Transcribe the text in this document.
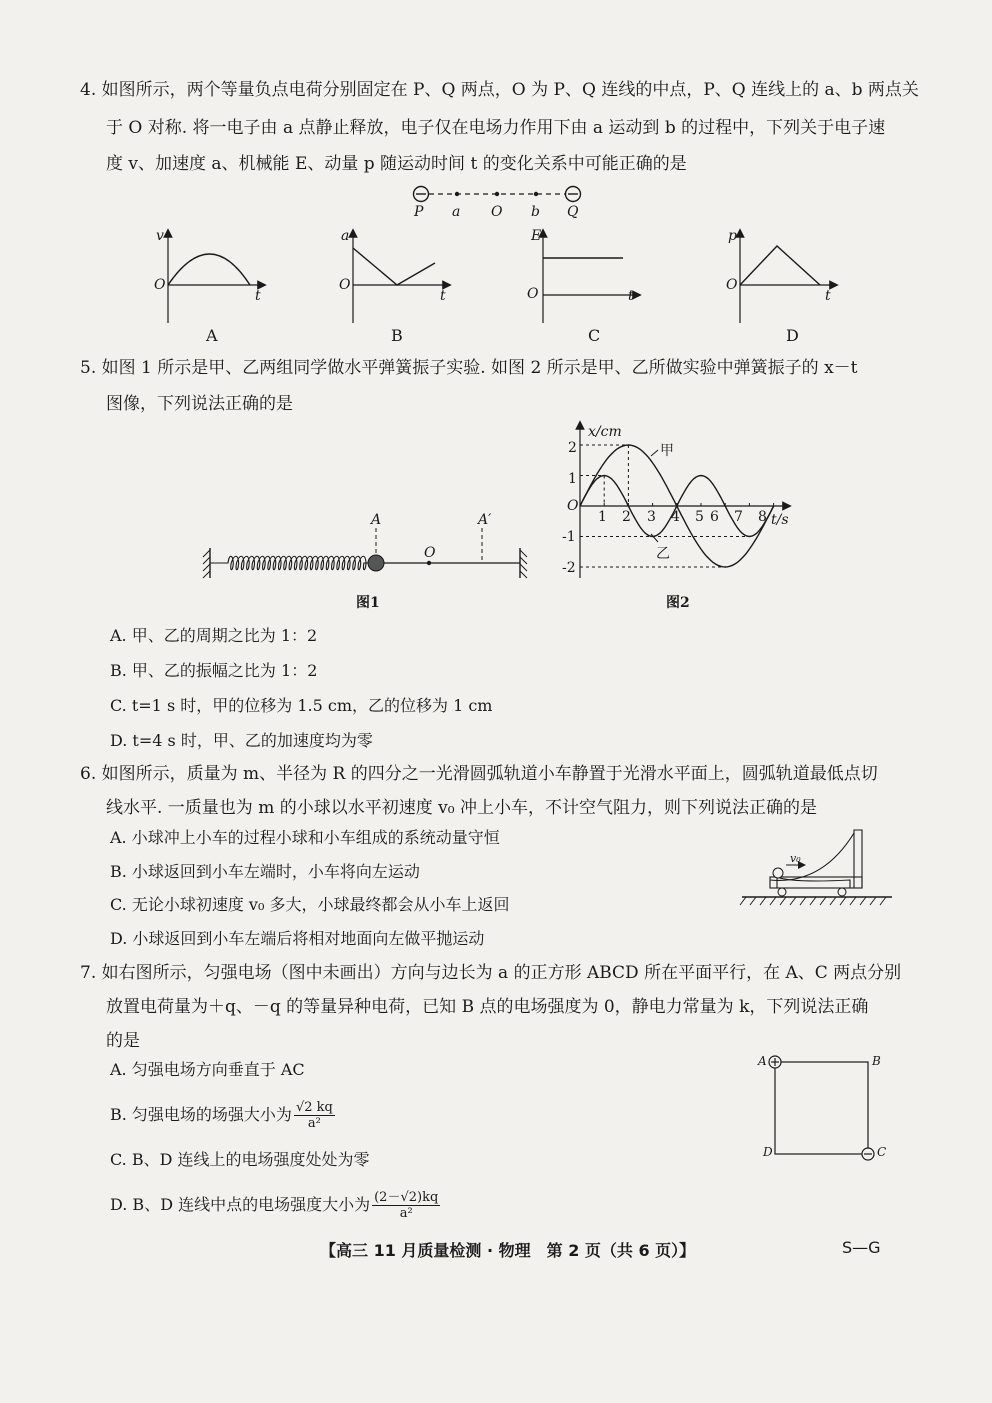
4. 如图所示，两个等量负点电荷分别固定在 P、Q 两点，O 为 P、Q 连线的中点，P、Q 连线上的 a、b 两点关
于 O 对称. 将一电子由 a 点静止释放，电子仅在电场力作用下由 a 运动到 b 的过程中，下列关于电子速
度 v、加速度 a、机械能 E、动量 p 随运动时间 t 的变化关系中可能正确的是
P a O b Q
v
O
t
A
a
O
t
B
E
O	t
C
p
O
t
D
5. 如图 1 所示是甲、乙两组同学做水平弹簧振子实验. 如图 2 所示是甲、乙所做实验中弹簧振子的 x－t
图像，下列说法正确的是
A	A′
O
图1
x/cm
t/s
O
2
1
-1
-2
1 2 3 4 5 6 7 8
甲
乙
图2
A. 甲、乙的周期之比为 1：2
B. 甲、乙的振幅之比为 1：2
C. t=1 s 时，甲的位移为 1.5 cm，乙的位移为 1 cm
D. t=4 s 时，甲、乙的加速度均为零
6. 如图所示，质量为 m、半径为 R 的四分之一光滑圆弧轨道小车静置于光滑水平面上，圆弧轨道最低点切
线水平. 一质量也为 m 的小球以水平初速度 v₀ 冲上小车，不计空气阻力，则下列说法正确的是
A. 小球冲上小车的过程小球和小车组成的系统动量守恒
B. 小球返回到小车左端时，小车将向左运动
C. 无论小球初速度 v₀ 多大，小球最终都会从小车上返回
D. 小球返回到小车左端后将相对地面向左做平抛运动
v₀
7. 如右图所示，匀强电场（图中未画出）方向与边长为 a 的正方形 ABCD 所在平面平行，在 A、C 两点分别
放置电荷量为＋q、－q 的等量异种电荷，已知 B 点的电场强度为 0，静电力常量为 k，下列说法正确
的是
A. 匀强电场方向垂直于 AC
B. 匀强电场的场强大小为 $\frac{√2 kq}{\text{a²}}$
C. B、D 连线上的电场强度处处为零
D. B、D 连线中点的电场强度大小为 $\frac{(2-√2)kq}{\text{a²}}$
A	B
C
D
【高三 11 月质量检测 · 物理　第 2 页（共 6 页）】	S—G
